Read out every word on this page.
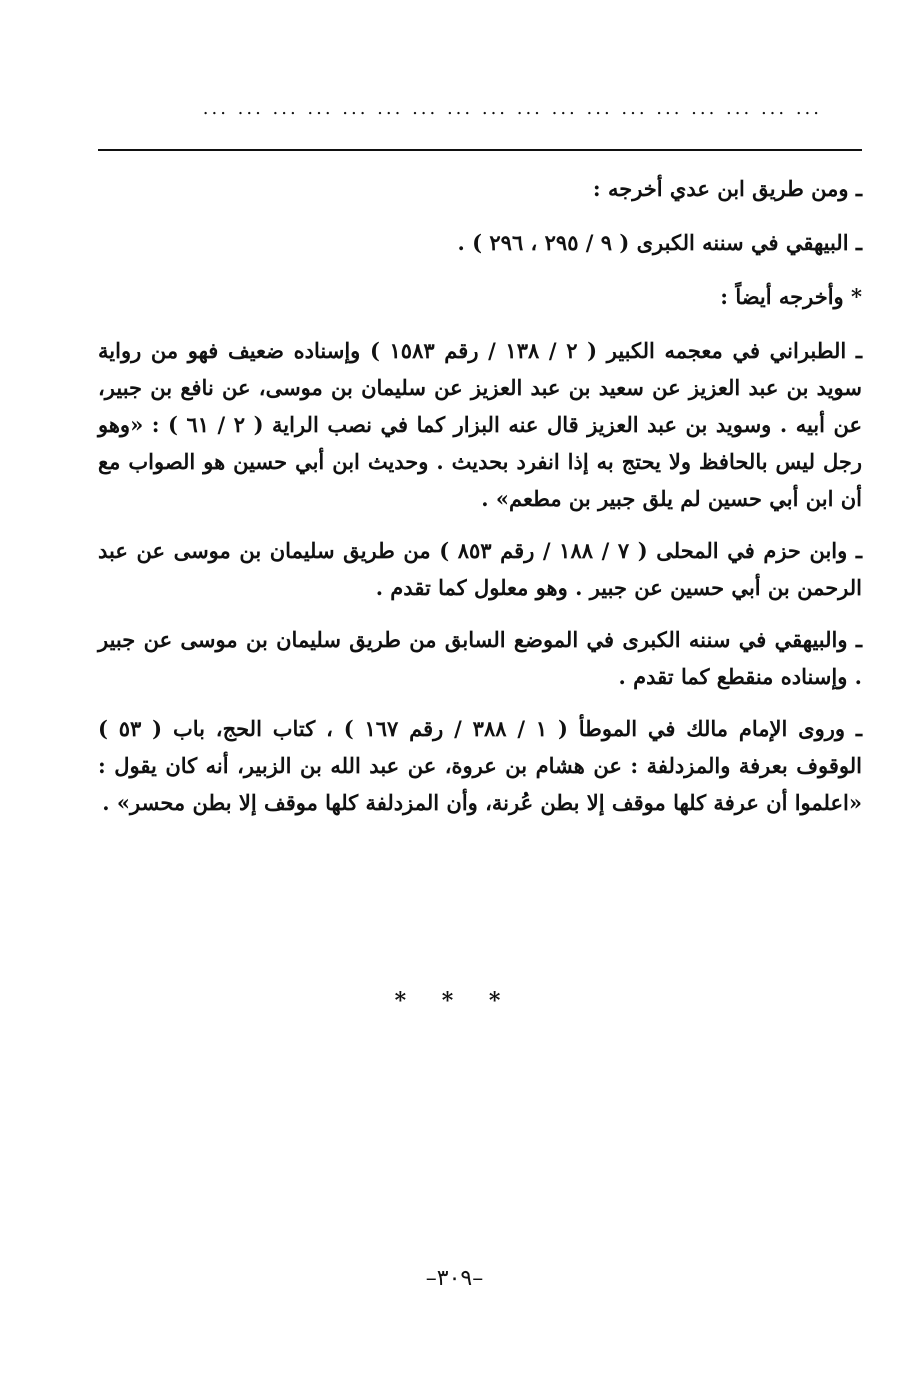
... ... ... ... ... ... ... ... ... ... ... ... ... ... ... ... ... ...

ـ ومن طريق ابن عدي أخرجه :

ـ البيهقي في سننه الكبرى ( ٩ / ٢٩٥ ، ٢٩٦ ) .

* وأخرجه أيضاً :

ـ الطبراني في معجمه الكبير ( ٢ / ١٣٨ / رقم ١٥٨٣ ) وإسناده ضعيف فهو من رواية سويد بن عبد العزيز عن سعيد بن عبد العزيز عن سليمان بن موسى، عن نافع بن جبير، عن أبيه . وسويد بن عبد العزيز قال عنه البزار كما في نصب الراية ( ٢ / ٦١ ) : «وهو رجل ليس بالحافظ ولا يحتج به إذا انفرد بحديث . وحديث ابن أبي حسين هو الصواب مع أن ابن أبي حسين لم يلق جبير بن مطعم» .

ـ وابن حزم في المحلى ( ٧ / ١٨٨ / رقم ٨٥٣ ) من طريق سليمان بن موسى عن عبد الرحمن بن أبي حسين عن جبير . وهو معلول كما تقدم .

ـ والبيهقي في سننه الكبرى في الموضع السابق من طريق سليمان بن موسى عن جبير . وإسناده منقطع كما تقدم .

ـ وروى الإمام مالك في الموطأ ( ١ / ٣٨٨ / رقم ١٦٧ ) ، كتاب الحج، باب ( ٥٣ ) الوقوف بعرفة والمزدلفة : عن هشام بن عروة، عن عبد الله بن الزبير، أنه كان يقول : «اعلموا أن عرفة كلها موقف إلا بطن عُرنة، وأن المزدلفة كلها موقف إلا بطن محسر» .

* * *
–٣٠٩–
